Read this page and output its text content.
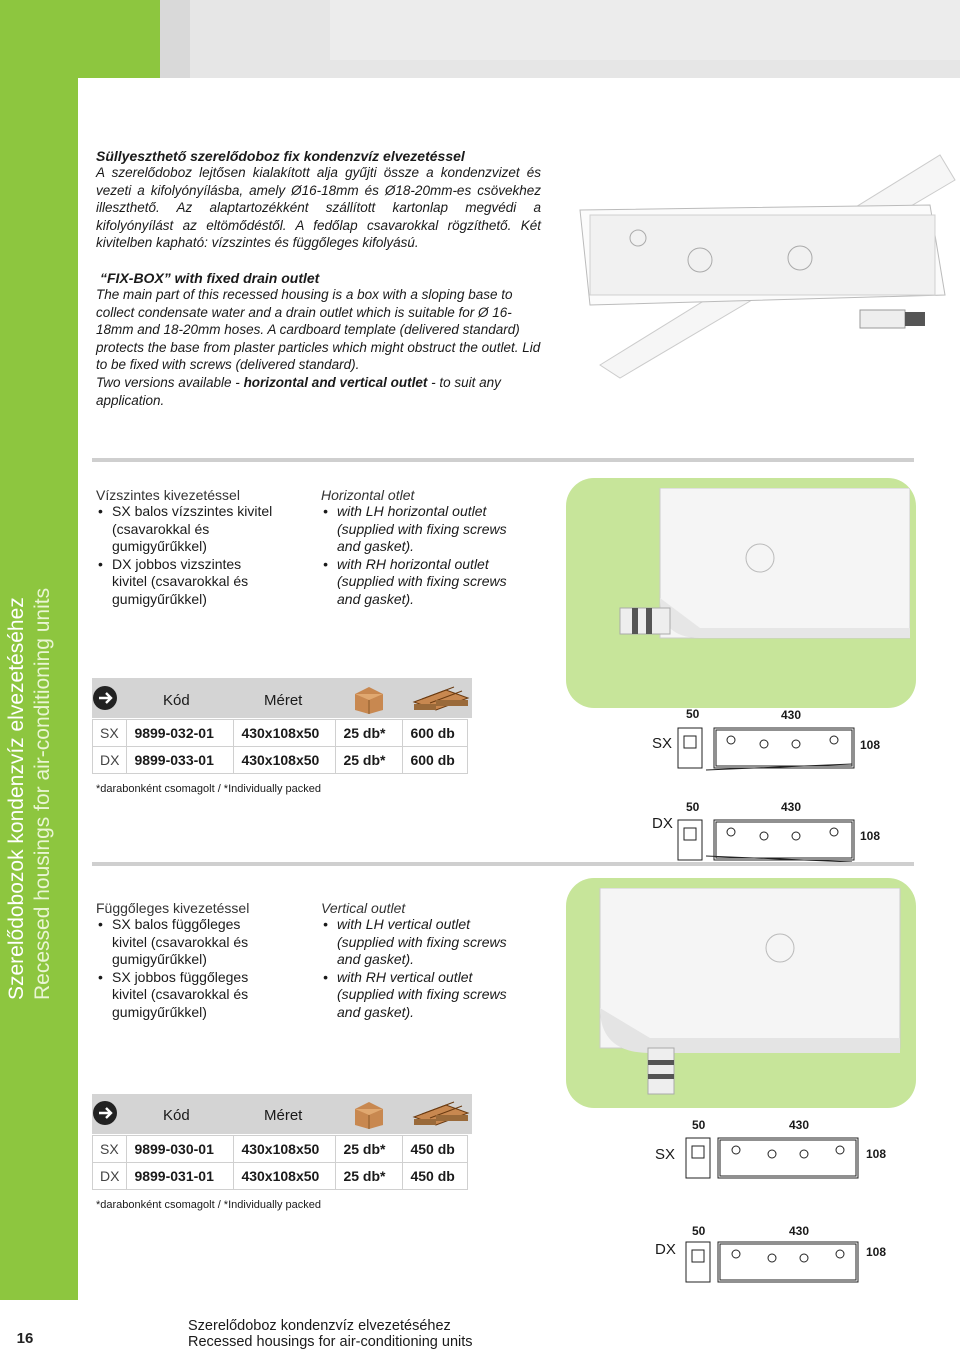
16
Szerelődobozok kondenzvíz elvezetéséhez Recessed housings for air-conditioning units
Süllyeszthető szerelődoboz fix kondenzvíz elvezetéssel
A szerelődoboz lejtősen kialakított alja gyűjti össze a kondenzvizet és vezeti a kifolyónyílásba, amely Ø16-18mm és Ø18-20mm-es csövekhez illeszthető. Az alaptartozékként szállított kartonlap megvédi a kifolyónyílást az eltömődéstől. A fedőlap csavarokkal rögzíthető. Két kivitelben kapható: vízszintes és függőleges kifolyású.
“FIX-BOX” with fixed drain outlet
The main part of this recessed housing is a box with a sloping base to collect condensate water and a drain outlet which is suitable for Ø 16-18mm and 18-20mm hoses. A cardboard template (delivered standard) protects the base from plaster particles which might obstruct the outlet. Lid to be fixed with screws (delivered standard).
Two versions available - horizontal and vertical outlet - to suit any application.
Vízszintes kivezetéssel
• SX balos vízszintes kivitel (csavarokkal és gumigyűrűkkel)
• DX jobbos vizszintes kivitel (csavarokkal és gumigyűrűkkel)
Horizontal otlet
• with LH horizontal outlet (supplied with fixing screws and gasket).
• with RH horizontal outlet (supplied with fixing screws and gasket).
Kód	Méret
SX	9899-032-01	430x108x50	25 db*	600 db
DX	9899-033-01	430x108x50	25 db*	600 db
*darabonként csomagolt / *Individually packed
SX
50	430
108
DX
50	430
108
Függőleges kivezetéssel
• SX balos függőleges kivitel (csavarokkal és gumigyűrűkkel)
• SX jobbos függőleges kivitel (csavarokkal és gumigyűrűkkel)
Vertical outlet
• with LH vertical outlet (supplied with fixing screws and gasket).
• with RH vertical outlet (supplied with fixing screws and gasket).
Kód	Méret
SX	9899-030-01	430x108x50	25 db*	450 db
DX	9899-031-01	430x108x50	25 db*	450 db
*darabonként csomagolt / *Individually packed
SX
50	430
108
DX
50	430
108
Szerelődoboz kondenzvíz elvezetéséhez
Recessed housings for air-conditioning units
